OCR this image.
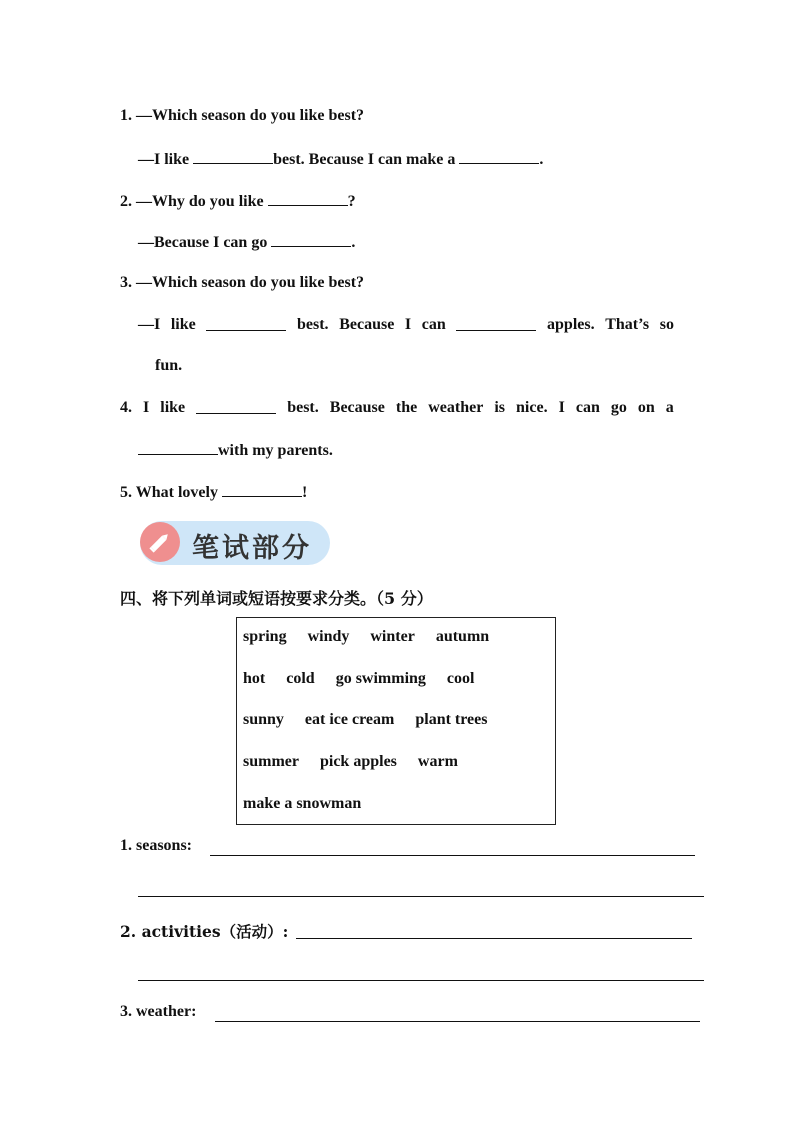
1. —Which season do you like best?
—I like	best. Because I can make a	.
2. —Why do you like	?
—Because I can go	.
3. —Which season do you like best?
—I like	best. Because I can	apples. That’s so
fun.
4. I like	best. Because the weather is nice. I can go on a
with my parents.
5. What lovely	!
笔试部分
四、将下列单词或短语按要求分类。（5 分）
spring windy winter autumn
hot cold go swimming cool
sunny eat ice cream plant trees
summer pick apples warm
make a snowman
1. seasons:
2. activities（活动）:
3. weather:
